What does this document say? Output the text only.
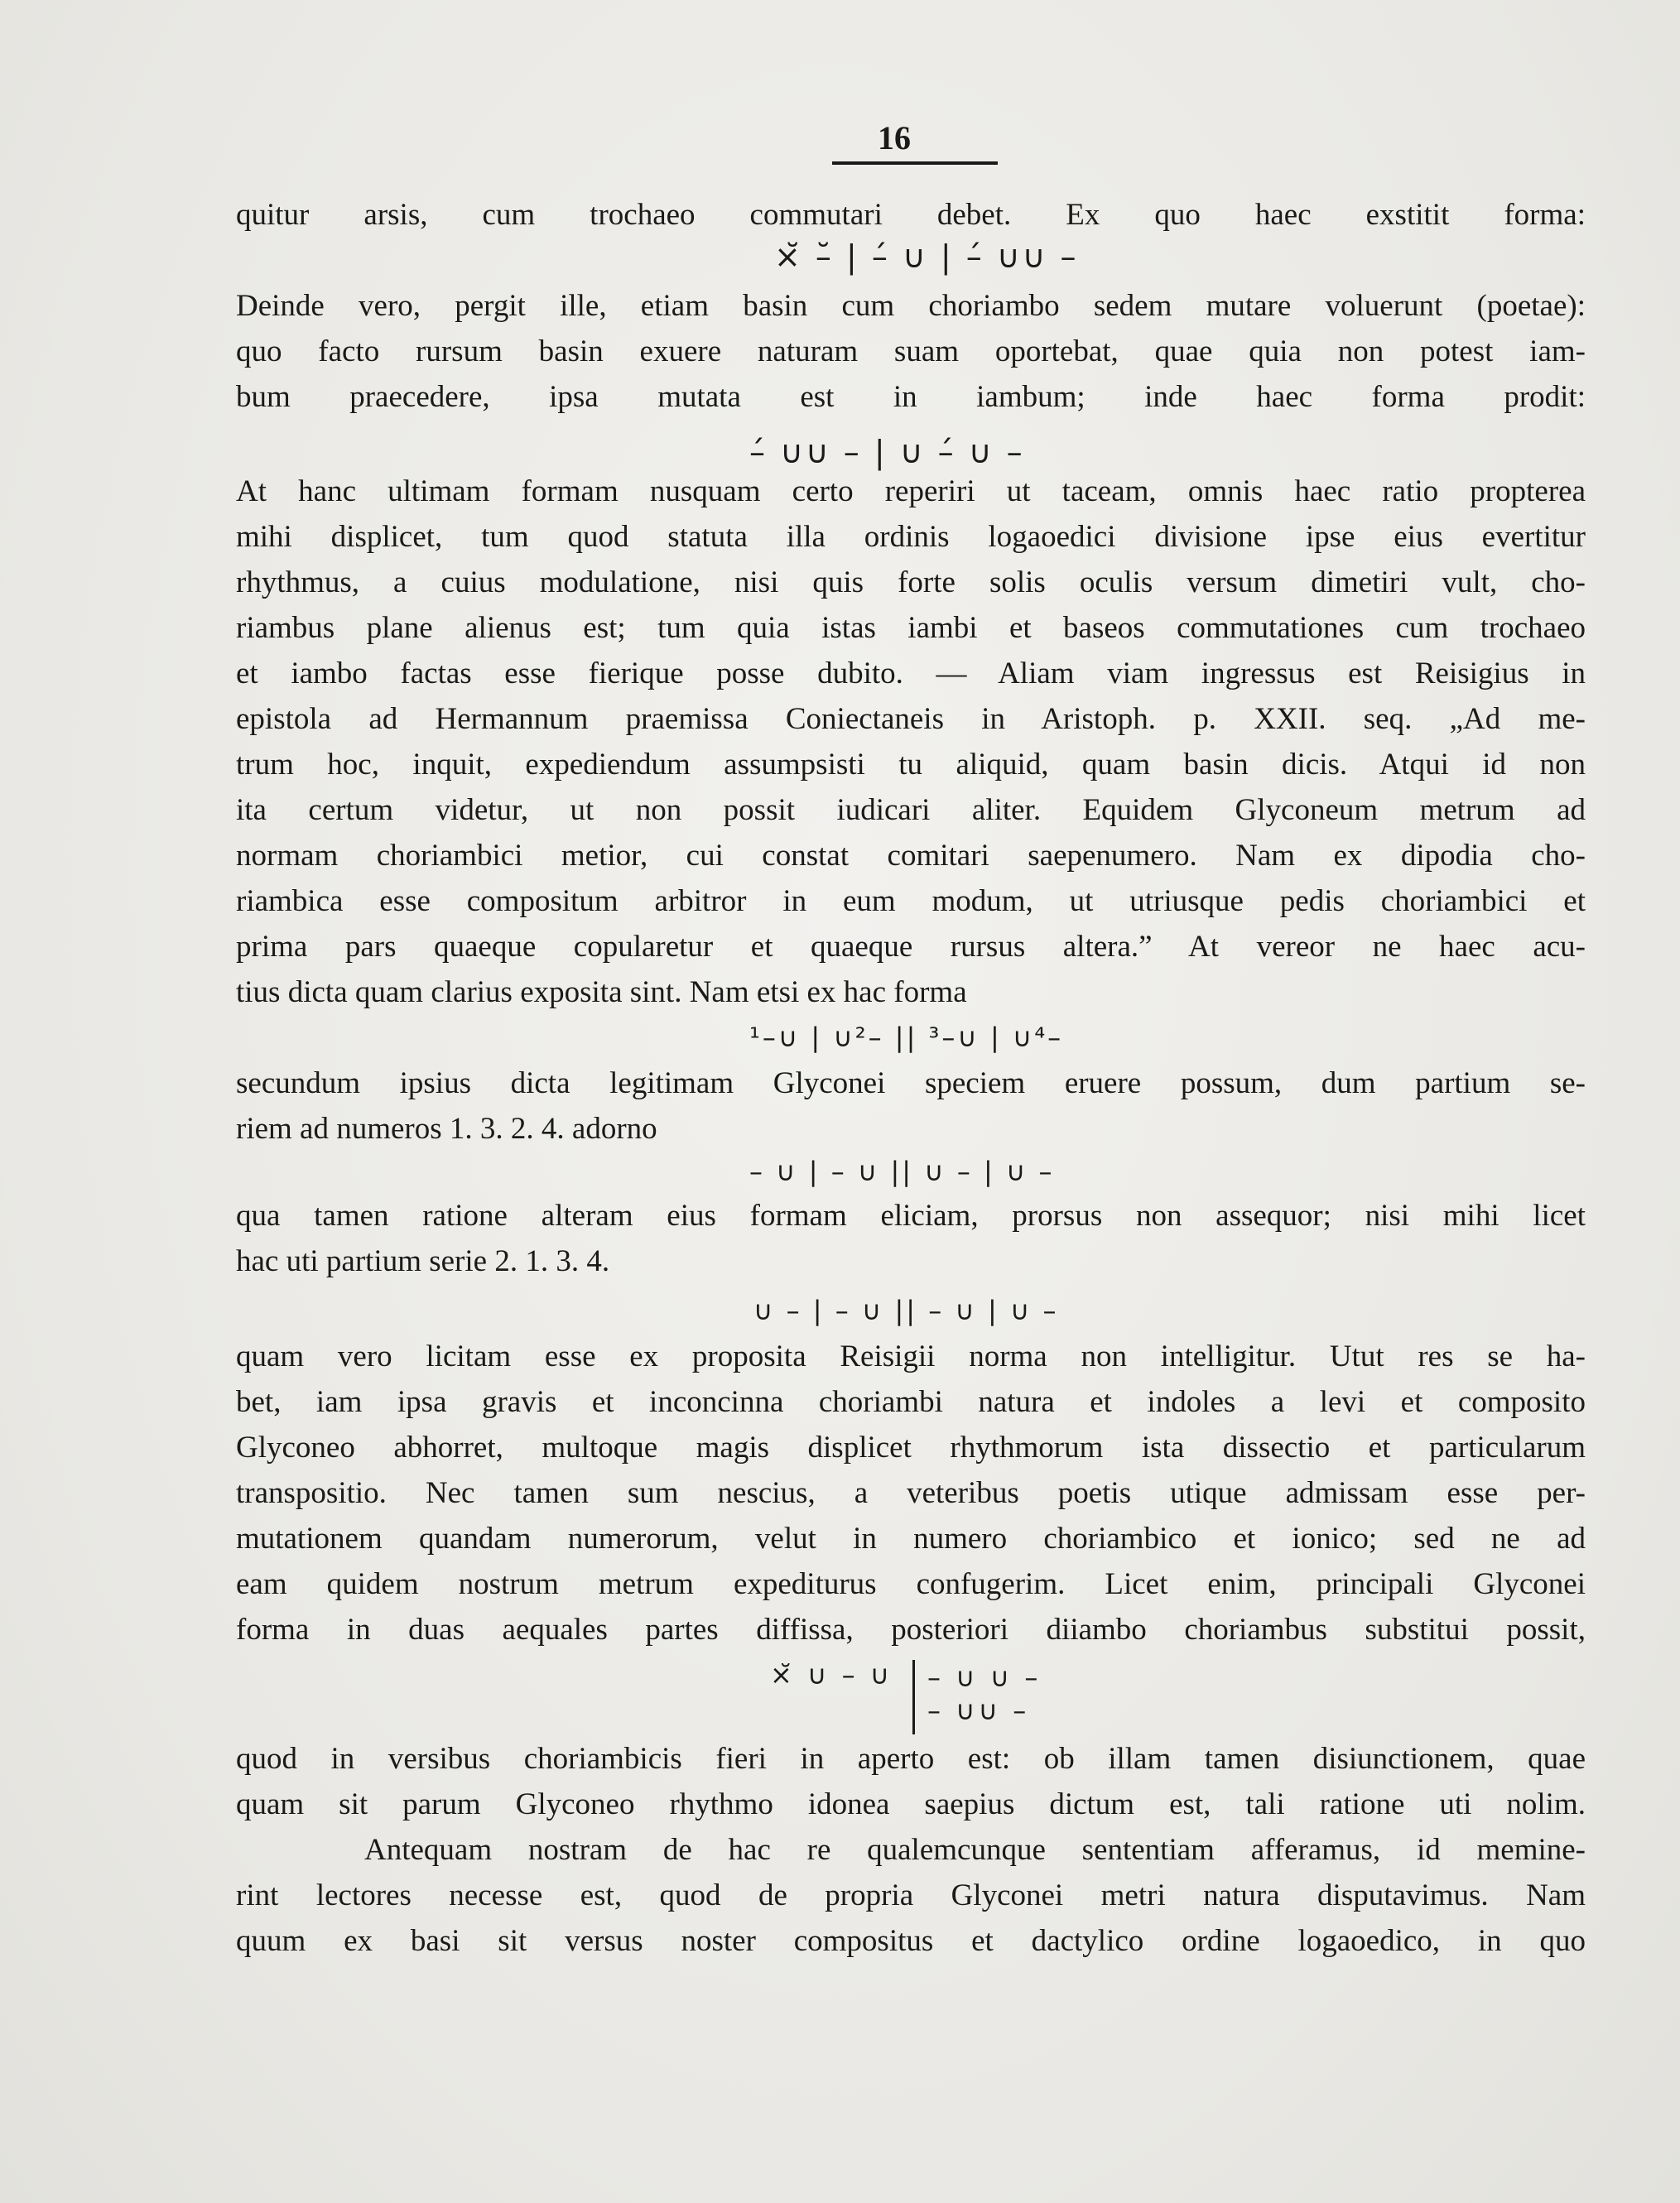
16
quitur arsis, cum trochaeo commutari debet. Ex quo haec exstitit forma:
×̆ –̆ | –́ ∪ | –́ ∪∪ –
Deinde vero, pergit ille, etiam basin cum choriambo sedem mutare voluerunt (poetae):
quo facto rursum basin exuere naturam suam oportebat, quae quia non potest iam-
bum praecedere, ipsa mutata est in iambum; inde haec forma prodit:
–́ ∪∪ – | ∪ –́ ∪ –
At hanc ultimam formam nusquam certo reperiri ut taceam, omnis haec ratio propterea
mihi displicet, tum quod statuta illa ordinis logaoedici divisione ipse eius evertitur
rhythmus, a cuius modulatione, nisi quis forte solis oculis versum dimetiri vult, cho-
riambus plane alienus est; tum quia istas iambi et baseos commutationes cum trochaeo
et iambo factas esse fierique posse dubito. — Aliam viam ingressus est Reisigius in
epistola ad Hermannum praemissa Coniectaneis in Aristoph. p. XXII. seq. „Ad me-
trum hoc, inquit, expediendum assumpsisti tu aliquid, quam basin dicis. Atqui id non
ita certum videtur, ut non possit iudicari aliter. Equidem Glyconeum metrum ad
normam choriambici metior, cui constat comitari saepenumero. Nam ex dipodia cho-
riambica esse compositum arbitror in eum modum, ut utriusque pedis choriambici et
prima pars quaeque copularetur et quaeque rursus altera.” At vereor ne haec acu-
tius dicta quam clarius exposita sint. Nam etsi ex hac forma
¹–∪ | ∪²– || ³–∪ | ∪⁴–
secundum ipsius dicta legitimam Glyconei speciem eruere possum, dum partium se-
riem ad numeros 1. 3. 2. 4. adorno
– ∪ | – ∪ || ∪ – | ∪ –
qua tamen ratione alteram eius formam eliciam, prorsus non assequor; nisi mihi licet
hac uti partium serie 2. 1. 3. 4.
∪ – | – ∪ || – ∪ | ∪ –
quam vero licitam esse ex proposita Reisigii norma non intelligitur. Utut res se ha-
bet, iam ipsa gravis et inconcinna choriambi natura et indoles a levi et composito
Glyconeo abhorret, multoque magis displicet rhythmorum ista dissectio et particularum
transpositio. Nec tamen sum nescius, a veteribus poetis utique admissam esse per-
mutationem quandam numerorum, velut in numero choriambico et ionico; sed ne ad
eam quidem nostrum metrum expediturus confugerim. Licet enim, principali Glyconei
forma in duas aequales partes diffissa, posteriori diiambo choriambus substitui possit,
×̆ ∪ – ∪ – ∪ ∪ –
– ∪∪ –
quod in versibus choriambicis fieri in aperto est: ob illam tamen disiunctionem, quae
quam sit parum Glyconeo rhythmo idonea saepius dictum est, tali ratione uti nolim.
Antequam nostram de hac re qualemcunque sententiam afferamus, id memine-
rint lectores necesse est, quod de propria Glyconei metri natura disputavimus. Nam
quum ex basi sit versus noster compositus et dactylico ordine logaoedico, in quo
